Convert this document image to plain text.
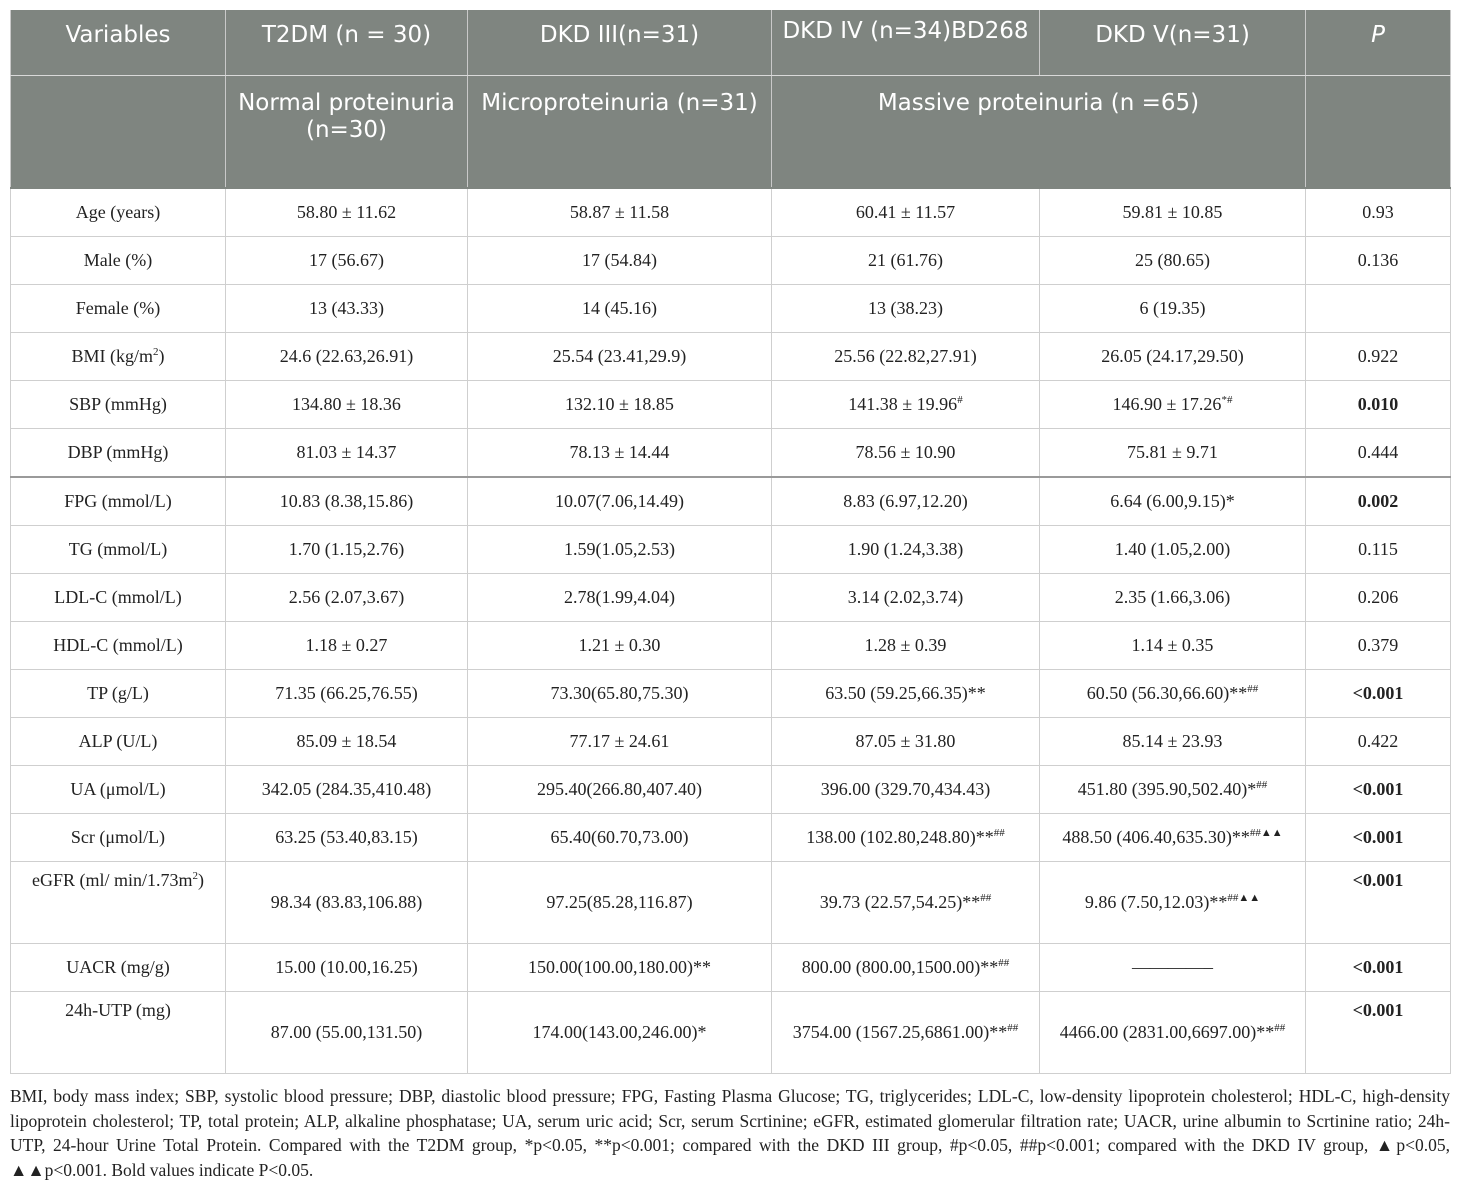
Variables	T2DM (n = 30)	DKD III(n=31)	DKD IV (n=34)BD268	DKD V(n=31)	P
	Normal proteinuria (n=30)	Microproteinuria (n=31)	Massive proteinuria (n =65)		
Age (years)	58.80 ± 11.62	58.87 ± 11.58	60.41 ± 11.57	59.81 ± 10.85	0.93
Male (%)	17 (56.67)	17 (54.84)	21 (61.76)	25 (80.65)	0.136
Female (%)	13 (43.33)	14 (45.16)	13 (38.23)	6 (19.35)	
BMI $(kg/m^2)$	24.6 (22.63,26.91)	25.54 (23.41,29.9)	25.56 (22.82,27.91)	26.05 (24.17,29.50)	0.922
SBP (mmHg)	134.80 ± 18.36	132.10 ± 18.85	141.38 ± 19.96#	146.90 ± 17.26*#	0.010
DBP (mmHg)	81.03 ± 14.37	78.13 ± 14.44	78.56 ± 10.90	75.81 ± 9.71	0.444
FPG (mmol/L)	10.83 (8.38,15.86)	10.07(7.06,14.49)	8.83 (6.97,12.20)	6.64 (6.00,9.15)*	0.002
TG (mmol/L)	1.70 (1.15,2.76)	1.59(1.05,2.53)	1.90 (1.24,3.38)	1.40 (1.05,2.00)	0.115
LDL-C (mmol/L)	2.56 (2.07,3.67)	2.78(1.99,4.04)	3.14 (2.02,3.74)	2.35 (1.66,3.06)	0.206
HDL-C (mmol/L)	1.18 ± 0.27	1.21 ± 0.30	1.28 ± 0.39	1.14 ± 0.35	0.379
TP (g/L)	71.35 (66.25,76.55)	73.30(65.80,75.30)	63.50 (59.25,66.35)**	60.50 (56.30,66.60)**##	<0.001
ALP (U/L)	85.09 ± 18.54	77.17 ± 24.61	87.05 ± 31.80	85.14 ± 23.93	0.422
UA (μmol/L)	342.05 (284.35,410.48)	295.40(266.80,407.40)	396.00 (329.70,434.43)	451.80 (395.90,502.40)*##	<0.001
Scr (μmol/L)	63.25 (53.40,83.15)	65.40(60.70,73.00)	138.00 (102.80,248.80)**##	488.50 (406.40,635.30)**##▲▲	<0.001
eGFR (ml/ $\min/1.73m^2$)	98.34 (83.83,106.88)	97.25(85.28,116.87)	39.73 (22.57,54.25)**##	9.86 (7.50,12.03)**##▲▲	<0.001
UACR (mg/g)	15.00 (10.00,16.25)	150.00(100.00,180.00)**	800.00 (800.00,1500.00)**##	————–	<0.001
24h-UTP (mg)	87.00 (55.00,131.50)	174.00(143.00,246.00)*	3754.00 (1567.25,6861.00)**##	4466.00 (2831.00,6697.00)**##	<0.001
BMI, body mass index; SBP, systolic blood pressure; DBP, diastolic blood pressure; FPG, Fasting Plasma Glucose; TG, triglycerides; LDL-C, low-density lipoprotein cholesterol; HDL-C, high-density lipoprotein cholesterol; TP, total protein; ALP, alkaline phosphatase; UA, serum uric acid; Scr, serum Scrtinine; eGFR, estimated glomerular filtration rate; UACR, urine albumin to Scrtinine ratio; 24h-UTP, 24-hour Urine Total Protein. Compared with the T2DM group, *p<0.05, **p<0.001; compared with the DKD III group, #p<0.05, ##p<0.001; compared with the DKD IV group, ▲p<0.05, ▲▲p<0.001. Bold values indicate P<0.05.
